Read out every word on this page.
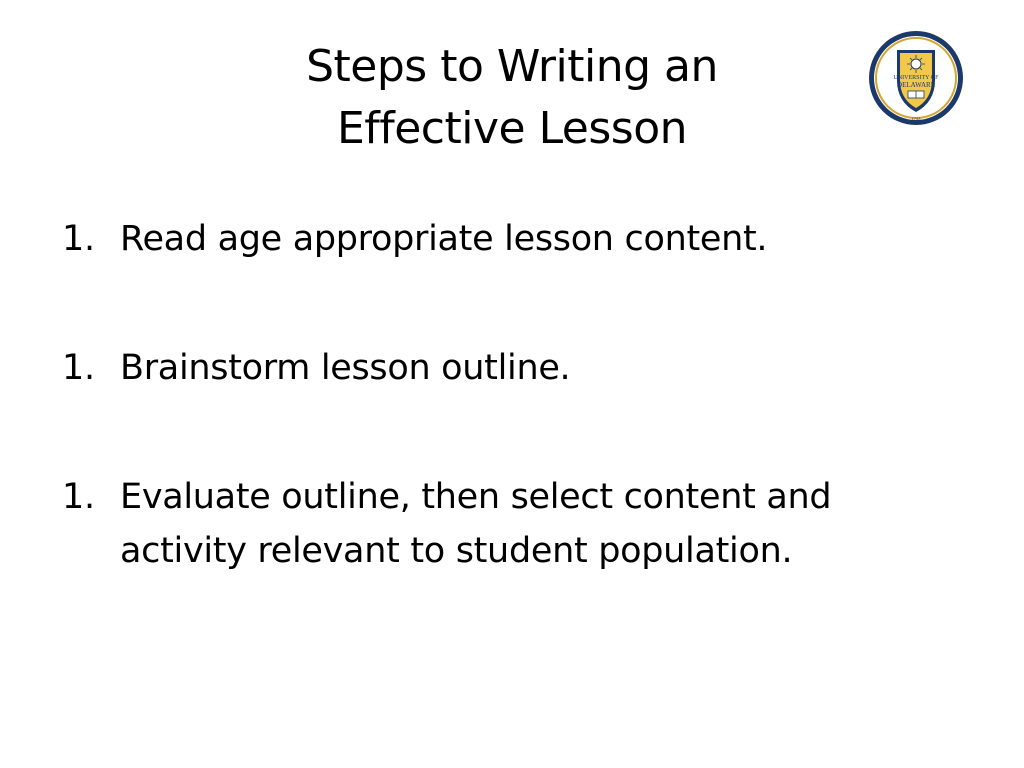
Steps to Writing an
Effective Lesson
UNIVERSITY OF
DELAWARE
1743
1. Read age appropriate lesson content.
1. Brainstorm lesson outline.
1. Evaluate outline, then select content and
activity relevant to student population.
